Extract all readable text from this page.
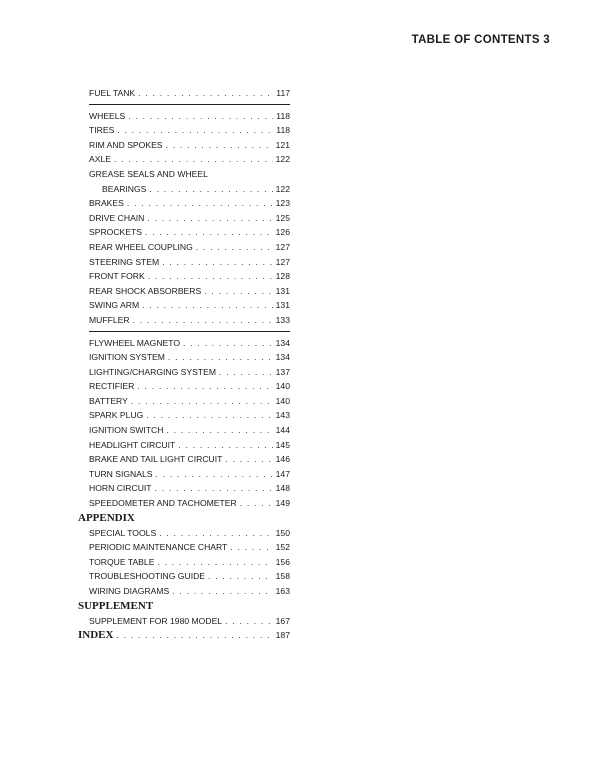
TABLE OF CONTENTS 3
FUEL TANK . . .	117
WHEELS . . .	118
TIRES . . .	118
RIM AND SPOKES . . .	121
AXLE . . .	122
GREASE SEALS AND WHEEL
BEARINGS . . .	122
BRAKES . . .	123
DRIVE CHAIN . . .	125
SPROCKETS . . .	126
REAR WHEEL COUPLING . . .	127
STEERING STEM . . .	127
FRONT FORK . . .	128
REAR SHOCK ABSORBERS . . .	131
SWING ARM . . .	131
MUFFLER . . .	133
FLYWHEEL MAGNETO . . .	134
IGNITION SYSTEM . . .	134
LIGHTING/CHARGING SYSTEM . . .	137
RECTIFIER . . .	140
BATTERY . . .	140
SPARK PLUG . . .	143
IGNITION SWITCH . . .	144
HEADLIGHT CIRCUIT . . .	145
BRAKE AND TAIL LIGHT CIRCUIT . . .	146
TURN SIGNALS . . .	147
HORN CIRCUIT . . .	148
SPEEDOMETER AND TACHOMETER . . .	149
APPENDIX
SPECIAL TOOLS . . .	150
PERIODIC MAINTENANCE CHART . . .	152
TORQUE TABLE . . .	156
TROUBLESHOOTING GUIDE . . .	158
WIRING DIAGRAMS . . .	163
SUPPLEMENT
SUPPLEMENT FOR 1980 MODEL . . .	167
INDEX . . .	187
